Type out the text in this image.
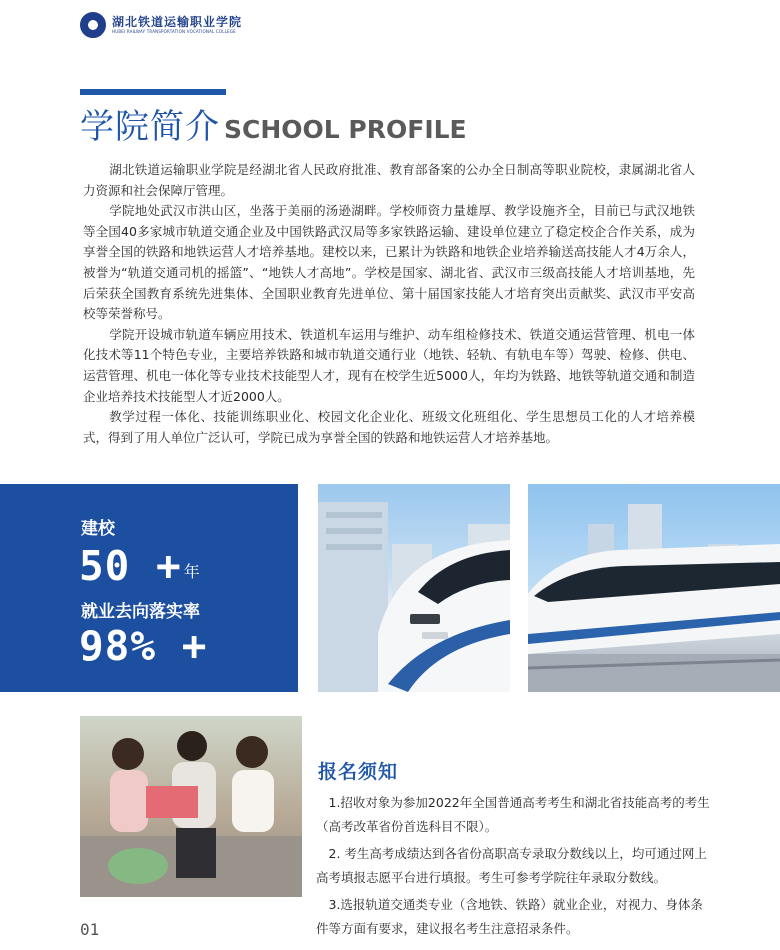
湖北铁道运输职业学院
HUBEI RAILWAY TRANSPORTATION VOCATIONAL COLLEGE
学院简介 SCHOOL PROFILE

湖北铁道运输职业学院是经湖北省人民政府批准、教育部备案的公办全日制高等职业院校，隶属湖北省人力资源和社会保障厅管理。

学院地处武汉市洪山区，坐落于美丽的汤逊湖畔。学校师资力量雄厚、教学设施齐全，目前已与武汉地铁等全国40多家城市轨道交通企业及中国铁路武汉局等多家铁路运输、建设单位建立了稳定校企合作关系，成为享誉全国的铁路和地铁运营人才培养基地。建校以来，已累计为铁路和地铁企业培养输送高技能人才4万余人，被誉为“轨道交通司机的摇篮”、“地铁人才高地”。学校是国家、湖北省、武汉市三级高技能人才培训基地，先后荣获全国教育系统先进集体、全国职业教育先进单位、第十届国家技能人才培育突出贡献奖、武汉市平安高校等荣誉称号。

学院开设城市轨道车辆应用技术、铁道机车运用与维护、动车组检修技术、铁道交通运营管理、机电一体化技术等11个特色专业，主要培养铁路和城市轨道交通行业（地铁、轻轨、有轨电车等）驾驶、检修、供电、运营管理、机电一体化等专业技术技能型人才，现有在校学生近5000人，年均为铁路、地铁等轨道交通和制造企业培养技术技能型人才近2000人。

教学过程一体化、技能训练职业化、校园文化企业化、班级文化班组化、学生思想员工化的人才培养模式，得到了用人单位广泛认可，学院已成为享誉全国的铁路和地铁运营人才培养基地。

建校
50 + 年
就业去向落实率
98% +
报名须知

1.招收对象为参加2022年全国普通高考考生和湖北省技能高考的考生（高考改革省份首选科目不限）。

2. 考生高考成绩达到各省份高职高专录取分数线以上，均可通过网上高考填报志愿平台进行填报。考生可参考学院往年录取分数线。

3.选报轨道交通类专业（含地铁、铁路）就业企业，对视力、身体条件等方面有要求，建议报名考生注意招录条件。

01
